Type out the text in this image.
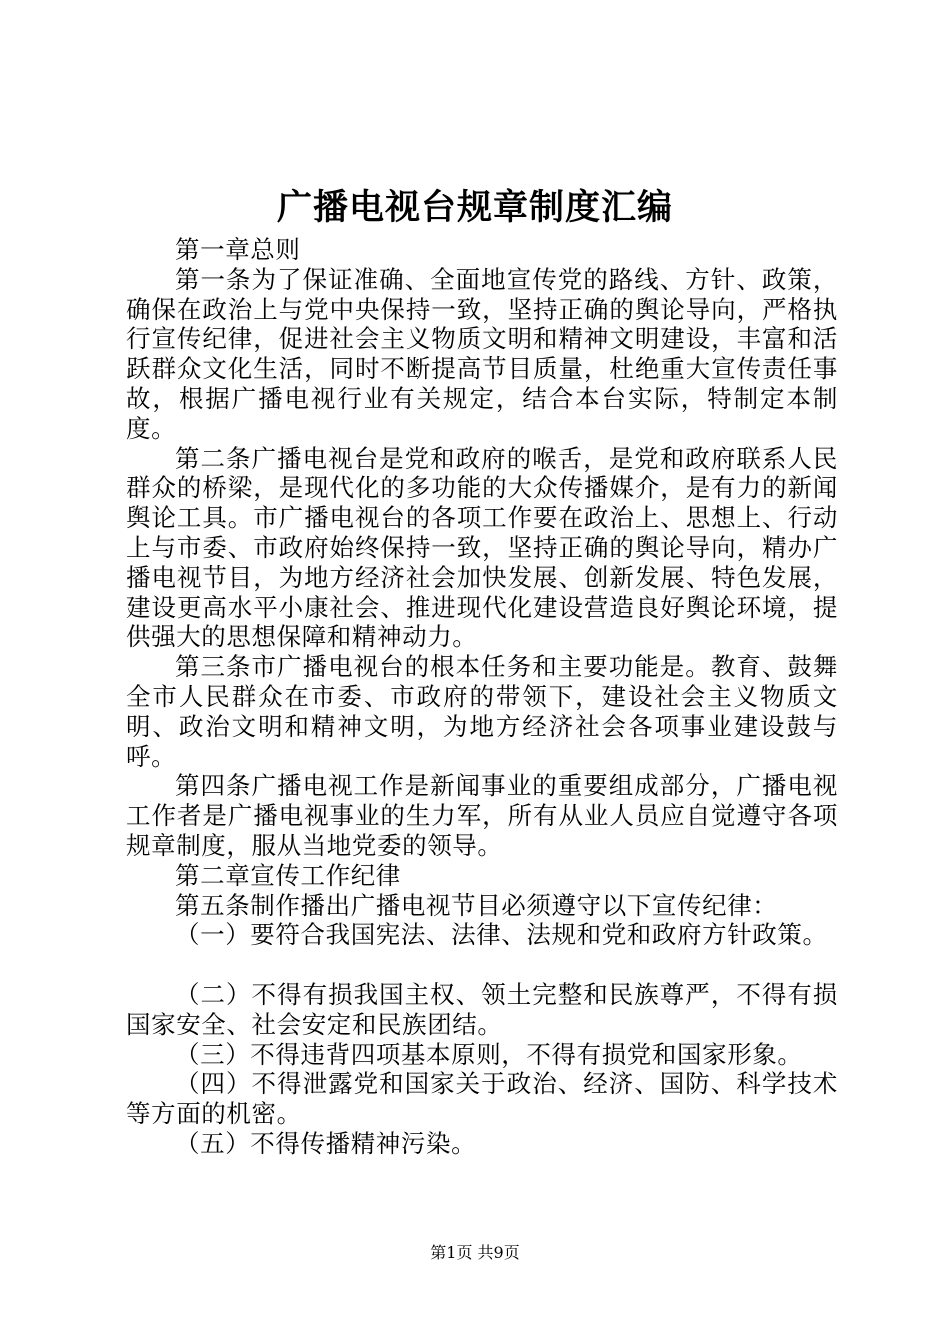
广播电视台规章制度汇编

第一章总则

第一条为了保证准确、全面地宣传党的路线、方针、政策，确保在政治上与党中央保持一致，坚持正确的舆论导向，严格执行宣传纪律，促进社会主义物质文明和精神文明建设，丰富和活跃群众文化生活，同时不断提高节目质量，杜绝重大宣传责任事故，根据广播电视行业有关规定，结合本台实际，特制定本制度。

第二条广播电视台是党和政府的喉舌，是党和政府联系人民群众的桥梁，是现代化的多功能的大众传播媒介，是有力的新闻舆论工具。市广播电视台的各项工作要在政治上、思想上、行动上与市委、市政府始终保持一致，坚持正确的舆论导向，精办广播电视节目，为地方经济社会加快发展、创新发展、特色发展，建设更高水平小康社会、推进现代化建设营造良好舆论环境，提供强大的思想保障和精神动力。

第三条市广播电视台的根本任务和主要功能是。教育、鼓舞全市人民群众在市委、市政府的带领下，建设社会主义物质文明、政治文明和精神文明，为地方经济社会各项事业建设鼓与呼。

第四条广播电视工作是新闻事业的重要组成部分，广播电视工作者是广播电视事业的生力军，所有从业人员应自觉遵守各项规章制度，服从当地党委的领导。

第二章宣传工作纪律

第五条制作播出广播电视节目必须遵守以下宣传纪律：

（一）要符合我国宪法、法律、法规和党和政府方针政策。

（二）不得有损我国主权、领土完整和民族尊严，不得有损国家安全、社会安定和民族团结。

（三）不得违背四项基本原则，不得有损党和国家形象。

（四）不得泄露党和国家关于政治、经济、国防、科学技术等方面的机密。

（五）不得传播精神污染。

第1页 共9页
